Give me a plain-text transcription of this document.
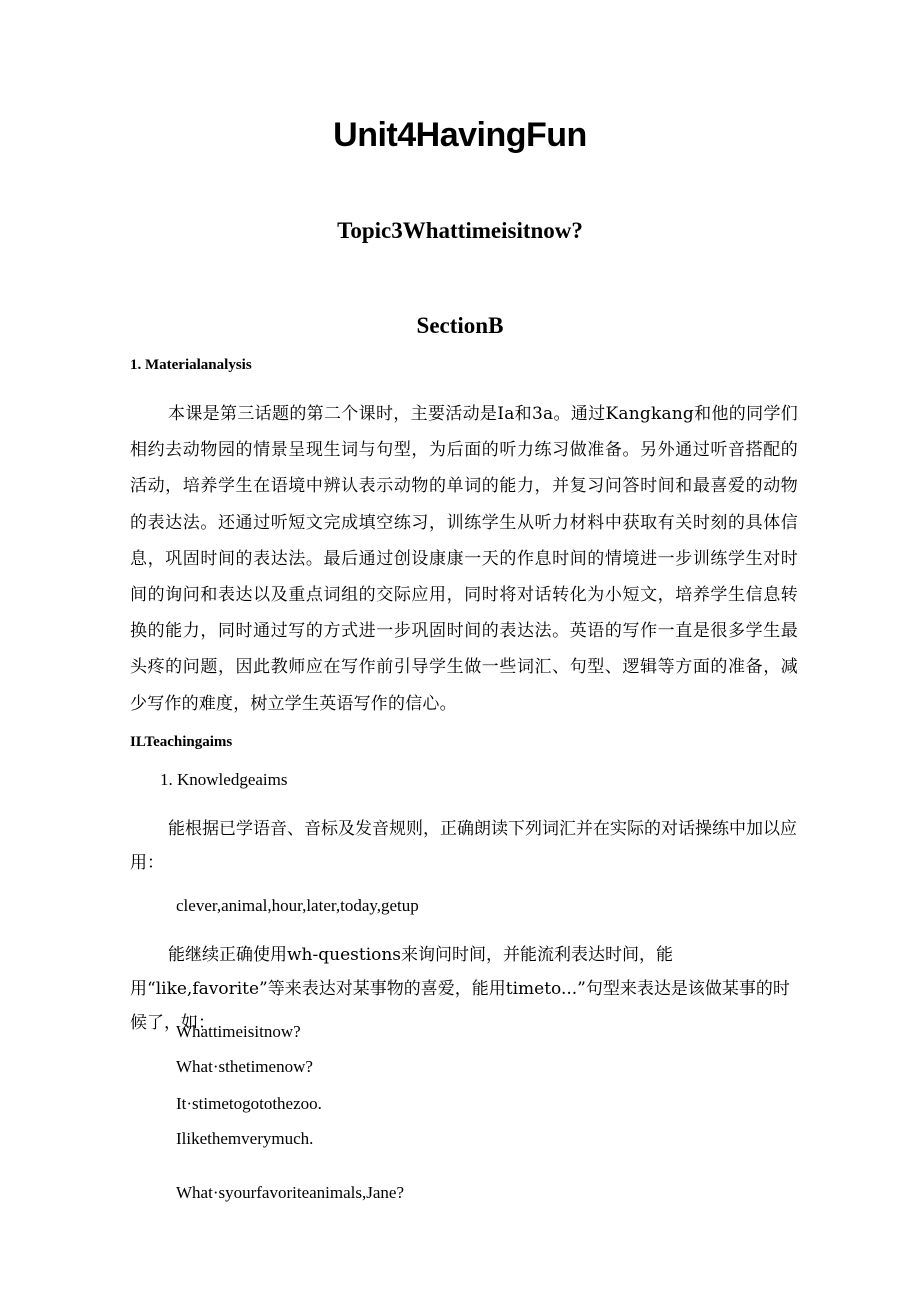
Unit4HavingFun
Topic3Whattimeisitnow?
SectionB
1. Materialanalysis
本课是第三话题的第二个课时，主要活动是Ia和3a。通过Kangkang和他的同学们相约去动物园的情景呈现生词与句型，为后面的听力练习做准备。另外通过听音搭配的活动，培养学生在语境中辨认表示动物的单词的能力，并复习问答时间和最喜爱的动物的表达法。还通过听短文完成填空练习，训练学生从听力材料中获取有关时刻的具体信息，巩固时间的表达法。最后通过创设康康一天的作息时间的情境进一步训练学生对时间的询问和表达以及重点词组的交际应用，同时将对话转化为小短文，培养学生信息转换的能力，同时通过写的方式进一步巩固时间的表达法。英语的写作一直是很多学生最头疼的问题，因此教师应在写作前引导学生做一些词汇、句型、逻辑等方面的准备，减少写作的难度，树立学生英语写作的信心。
ILTeachingaims
1. Knowledgeaims
能根据已学语音、音标及发音规则，正确朗读下列词汇并在实际的对话操练中加以应用：
clever,animal,hour,later,today,getup
能继续正确使用wh-questions来询问时间，并能流利表达时间，能用“like,favorite”等来表达对某事物的喜爱，能用timeto...”句型来表达是该做某事的时候了，如：
Whattimeisitnow?
What·sthetimenow?
It·stimetogotothezoo.
Ilikethemverymuch.
What·syourfavoriteanimals,Jane?
